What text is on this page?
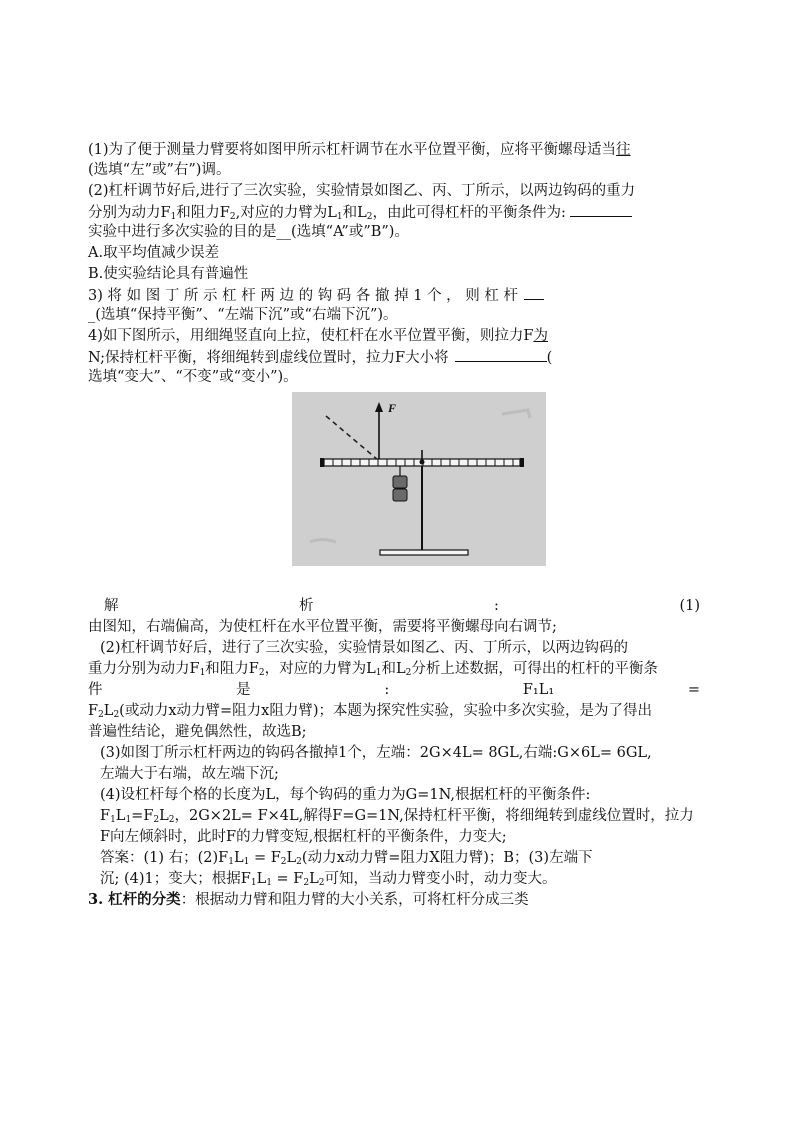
(1)为了便于测量力臂要将如图甲所示杠杆调节在水平位置平衡，应将平衡螺母适当往
(选填“左”或”右”)调。
(2)杠杆调节好后,进行了三次实验，实验情景如图乙、丙、丁所示，以两边钩码的重力
分别为动力$F_1$和阻力$F_2$,对应的力臂为$L_1$和$L_2$，由此可得杠杆的平衡条件为:
实验中进行多次实验的目的是__(选填“A”或”B”)。
A.取平均值减少误差
B.使实验结论具有普遍性
3) 将 如 图 丁 所 示 杠 杆 两 边 的 钩 码 各 撤 掉 1 个 ， 则 杠 杆
_(选填“保持平衡”、“左端下沉”或“右端下沉”)。
4)如下图所示，用细绳竖直向上拉，使杠杆在水平位置平衡，则拉力F为
N;保持杠杆平衡，将细绳转到虚线位置时，拉力F大小将	(
选填“变大”、“不变”或“变小”)。
F
解	析	:	(1)
由图知，右端偏高，为使杠杆在水平位置平衡，需要将平衡螺母向右调节;
(2)杠杆调节好后，进行了三次实验，实验情景如图乙、丙、丁所示，以两边钩码的
重力分别为动力$F_1$和阻力$F_2$，对应的力臂为$L_1$和$L_2$分析上述数据，可得出的杠杆的平衡条
件	是	:	F₁L₁	=
$F_2L_2$(或动力x动力臂=阻力x阻力臂)；本题为探究性实验，实验中多次实验，是为了得出
普遍性结论，避免偶然性，故选B;
(3)如图丁所示杠杆两边的钩码各撤掉1个，左端：2G×4L= 8GL,右端:G×6L= 6GL,
左端大于右端，故左端下沉;
(4)设杠杆每个格的长度为L，每个钩码的重力为G=1N,根据杠杆的平衡条件:
$F_1L_1=F_2L_2$，2G×2L= F×4L,解得F=G=1N,保持杠杆平衡，将细绳转到虚线位置时，拉力
F向左倾斜时，此时F的力臂变短,根据杠杆的平衡条件，力变大;
答案：(1) 右；$(2)F_1L_1 = F_2L_2$(动力x动力臂=阻力X阻力臂)；B；(3)左端下
沉; (4)1；变大；根据$F_1L_1 = F_2L_2$可知，当动力臂变小时，动力变大。
3. 杠杆的分类：根据动力臂和阻力臂的大小关系，可将杠杆分成三类
